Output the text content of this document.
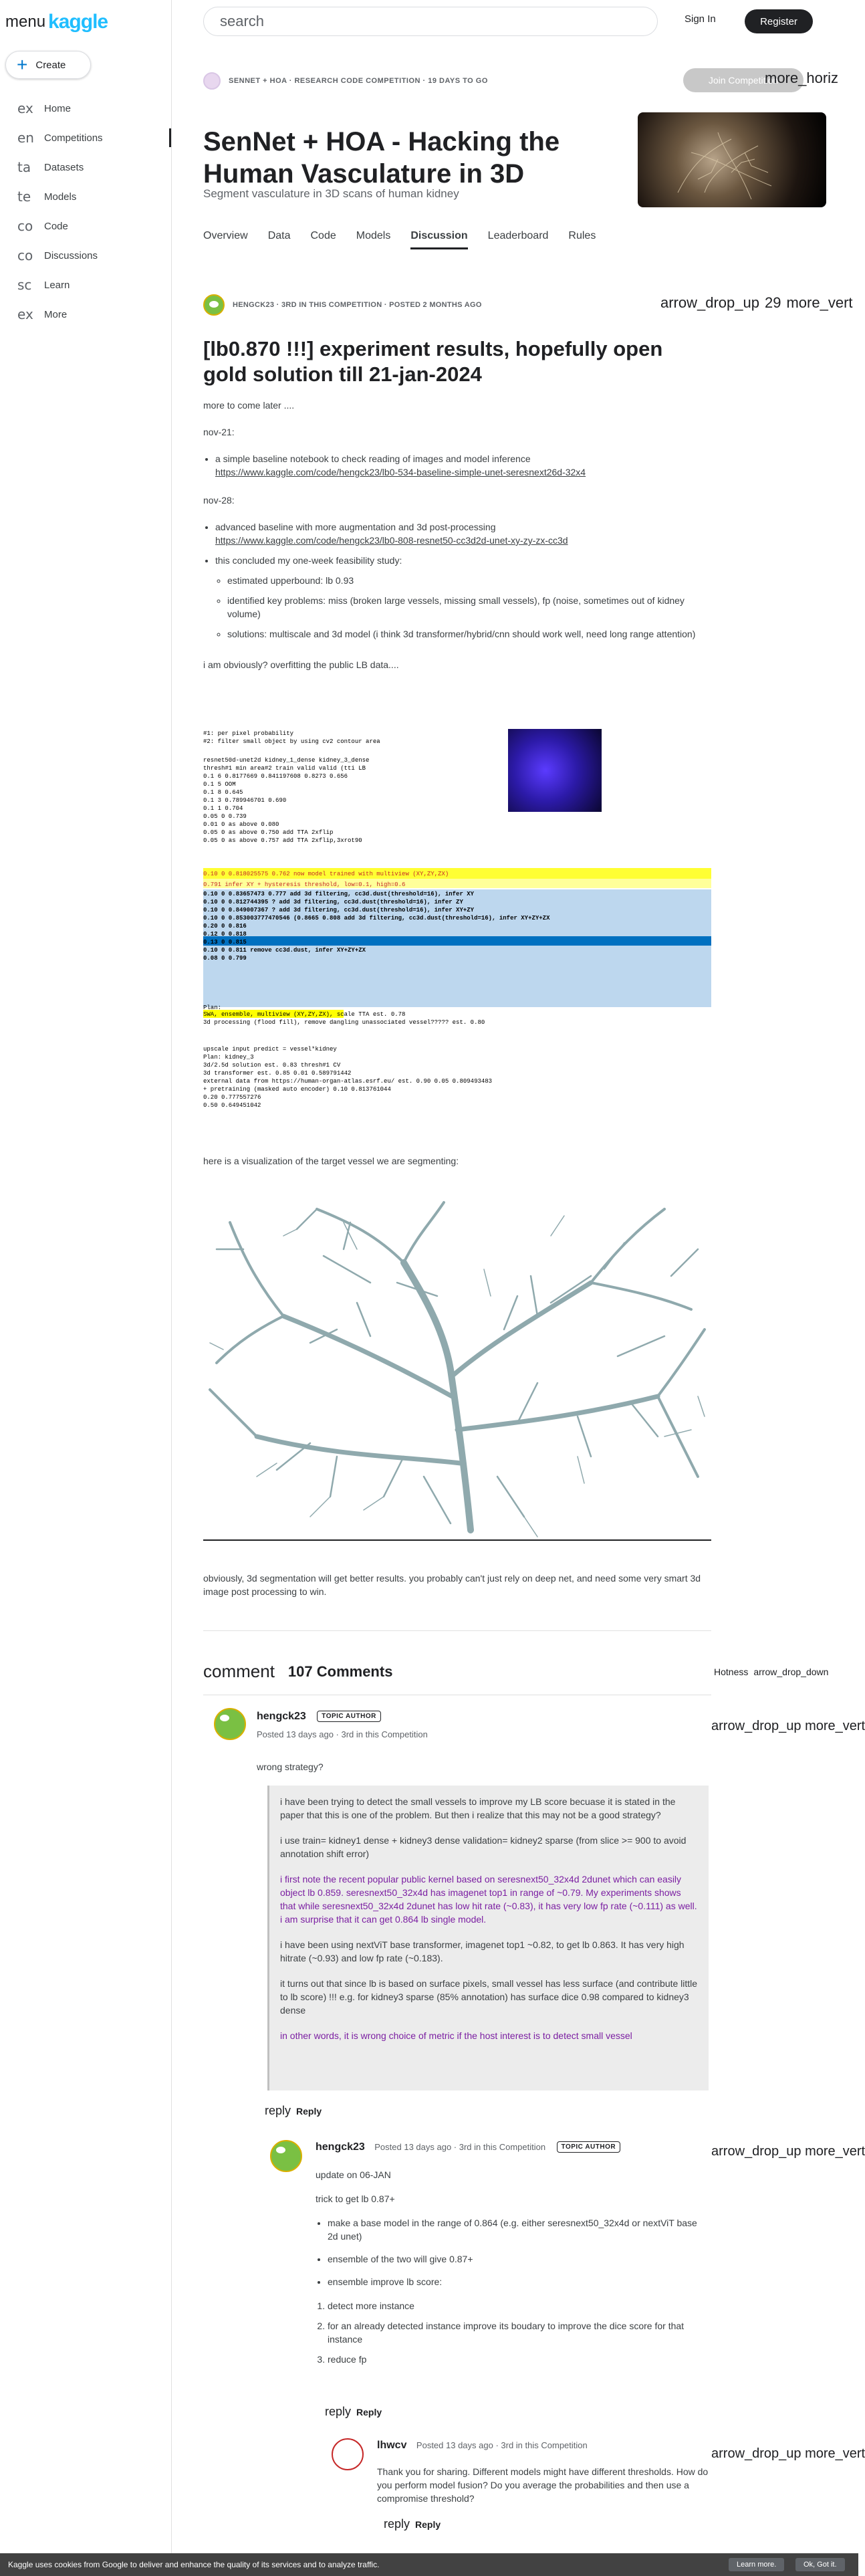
menu kaggle
+ Create
ex	Home
en	Competitions
ta	Datasets
te	Models
co	Code
co	Discussions
sc	Learn
ex	More
search	Sign In	Register
SENNET + HOA · RESEARCH CODE COMPETITION · 19 DAYS TO GO	Join Competition
more_horiz
SenNet + HOA - Hacking the Human Vasculature in 3D
Segment vasculature in 3D scans of human kidney
Overview Data Code Models Discussion Leaderboard Rules
HENGCK23 · 3RD IN THIS COMPETITION · POSTED 2 MONTHS AGO	arrow_drop_up 29 more_vert
[lb0.870 !!!] experiment results, hopefully open gold solution till 21-jan-2024

more to come later ....

nov-21:

• a simple baseline notebook to check reading of images and model inference
https://www.kaggle.com/code/hengck23/lb0-534-baseline-simple-unet-seresnext26d-32x4

nov-28:

• advanced baseline with more augmentation and 3d post-processing
https://www.kaggle.com/code/hengck23/lb0-808-resnet50-cc3d2d-unet-xy-zy-zx-cc3d
• this concluded my one-week feasibility study:
◦ estimated upperbound: lb 0.93
◦ identified key problems: miss (broken large vessels, missing small vessels), fp (noise, sometimes out of kidney volume)
◦ solutions: multiscale and 3d model (i think 3d transformer/hybrid/cnn should work well, need long range attention)

i am obviously? overfitting the public LB data....

#1: per pixel probability
#2: filter small object by using cv2 contour area
resnet50d-unet2d kidney_1_dense kidney_3_dense
thresh#1 min area#2 train valid valid (tti LB
0.1 6 0.8177669 0.841197608 0.8273 0.656
0.1 5 OOM
0.1 8 0.645
0.1 3 0.789946701 0.690
0.1 1 0.704
0.05 0 0.739
0.01 0 as above 0.080
0.05 0 as above 0.750 add TTA 2xflip
0.05 0 as above 0.757 add TTA 2xflip,3xrot90
0.10 0 0.818025575 0.762 now model trained with multiview (XY,ZY,ZX)
0.791 infer XY + hysteresis threshold, low=0.1, high=0.6
0.10 0 0.83657473 0.777 add 3d filtering, cc3d.dust(threshold=16), infer XY
0.10 0 0.812744395 ? add 3d filtering, cc3d.dust(threshold=16), infer ZY
0.10 0 0.849007367 ? add 3d filtering, cc3d.dust(threshold=16), infer XY+ZY
0.10 0 0.853003777470546 (0.8665 0.808 add 3d filtering, cc3d.dust(threshold=16), infer XY+ZY+ZX
0.20 0 0.816
0.12 0 0.818
0.13 0 0.815
0.10 0 0.811 remove cc3d.dust, infer XY+ZY+ZX
0.08 0 0.799
Plan:
SWA, ensemble, multiview (XY,ZY,ZX), scale TTA est. 0.78
3d processing (flood fill), remove dangling unassociated vessel????? est. 0.80
upscale input predict = vessel*kidney
Plan: kidney_3
3d/2.5d solution est. 0.83 thresh#1 CV
3d transformer est. 0.85 0.01 0.589791442
external data from https://human-organ-atlas.esrf.eu/ est. 0.90 0.05 0.809493483
+ pretraining (masked auto encoder) 0.10 0.813761044
0.20 0.777557276
0.50 0.649451042
here is a visualization of the target vessel we are segmenting:
obviously, 3d segmentation will get better results. you probably can't just rely on deep net, and need some very smart 3d image post processing to win.
comment 107 Comments	Hotness arrow_drop_down
hengck23 TOPIC AUTHOR
Posted 13 days ago · 3rd in this Competition
arrow_drop_up more_vert
wrong strategy?

i have been trying to detect the small vessels to improve my LB score becuase it is stated in the paper that this is one of the problem. But then i realize that this may not be a good strategy?

i use train= kidney1 dense + kidney3 dense validation= kidney2 sparse (from slice >= 900 to avoid annotation shift error)

i first note the recent popular public kernel based on seresnext50_32x4d 2dunet which can easily object lb 0.859. seresnext50_32x4d has imagenet top1 in range of ~0.79. My experiments shows that while seresnext50_32x4d 2dunet has low hit rate (~0.83), it has very low fp rate (~0.111) as well. i am surprise that it can get 0.864 lb single model.

i have been using nextViT base transformer, imagenet top1 ~0.82, to get lb 0.863. It has very high hitrate (~0.93) and low fp rate (~0.183).

it turns out that since lb is based on surface pixels, small vessel has less surface (and contribute little to lb score) !!! e.g. for kidney3 sparse (85% annotation) has surface dice 0.98 compared to kidney3 dense

in other words, it is wrong choice of metric if the host interest is to detect small vessel

reply Reply
hengck23 Posted 13 days ago · 3rd in this Competition TOPIC AUTHOR	arrow_drop_up more_vert
update on 06-JAN
trick to get lb 0.87+
• make a base model in the range of 0.864 (e.g. either seresnext50_32x4d or nextViT base 2d unet)
• ensemble of the two will give 0.87+
• ensemble improve lb score:
1. detect more instance
2. for an already detected instance improve its boudary to improve the dice score for that instance
3. reduce fp
reply Reply
lhwcv Posted 13 days ago · 3rd in this Competition
arrow_drop_up more_vert
Thank you for sharing. Different models might have different thresholds. How do you perform model fusion? Do you average the probabilities and then use a compromise threshold?
reply Reply
Kaggle uses cookies from Google to deliver and enhance the quality of its services and to analyze traffic.	Learn more.	Ok, Got it.
